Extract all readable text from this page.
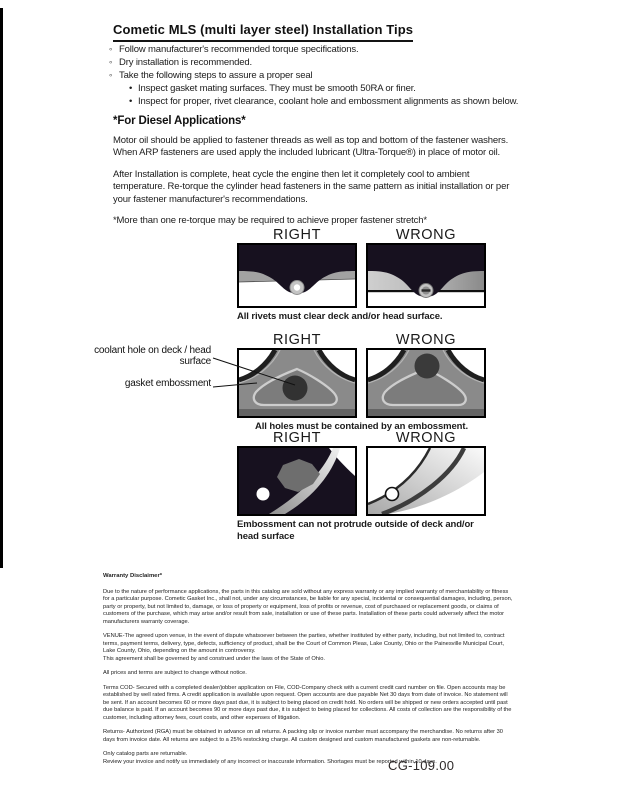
Cometic MLS (multi layer steel) Installation Tips
◦ Follow manufacturer's recommended torque specifications.
◦ Dry installation is recommended.
◦ Take the following steps to assure a proper seal
• Inspect gasket mating surfaces. They must be smooth 50RA or finer.
• Inspect for proper, rivet clearance, coolant hole and embossment alignments as shown below.
*For Diesel Applications*

Motor oil should be applied to fastener threads as well as top and bottom of the fastener washers. When ARP fasteners are used apply the included lubricant (Ultra-Torque®) in place of motor oil.

After Installation is complete, heat cycle the engine then let it completely cool to ambient temperature. Re-torque the cylinder head fasteners in the same pattern as initial installation or per your fastener manufacturer's recommendations.

*More than one re-torque may be required to achieve proper fastener stretch*

RIGHT	WRONG
All rivets must clear deck and/or head surface.
coolant hole on deck / head surface
gasket embossment
RIGHT	WRONG
All holes must be contained by an embossment.
RIGHT	WRONG
Embossment can not protrude outside of deck and/or head surface
Warranty Disclaimer*

Due to the nature of performance applications, the parts in this catalog are sold without any express warranty or any implied warranty of merchantability or fitness for a particular purpose. Cometic Gasket Inc., shall not, under any circumstances, be liable for any special, incidental or consequential damages, including, person, party or property, but not limited to, damage, or loss of property or equipment, loss of profits or revenue, cost of purchased or replacement goods, or claims of customers of the purchase, which may arise and/or result from sale, installation or use of these parts. Installation of these parts could adversely affect the motor manufacturers warranty coverage.

VENUE-The agreed upon venue, in the event of dispute whatsoever between the parties, whether instituted by either party, including, but not limited to, contract terms, payment terms, delivery, type, defects, sufficiency of product, shall be the Court of Common Pleas, Lake County, Ohio or the Painesville Municipal Court, Lake County, Ohio, depending on the amount in controversy.

This agreement shall be governed by and construed under the laws of the State of Ohio.

All prices and terms are subject to change without notice.

Terms COD- Secured with a completed dealer/jobber application on File, COD-Company check with a current credit card number on file. Open accounts may be established by well rated firms. A credit application is available upon request. Open accounts are due payable Net 30 days from date of invoice. No statement will be sent. If an account becomes 60 or more days past due, it is subject to being placed on credit hold. No orders will be shipped or new orders accepted until past due balance is paid. If an account becomes 90 or more days past due, it is subject to being placed for collections. All costs of collection are the responsibility of the customer, including attorney fees, court costs, and other expenses of litigation.

Returns- Authorized (RGA) must be obtained in advance on all returns. A packing slip or invoice number must accompany the merchandise. No returns after 30 days from invoice date. All returns are subject to a 25% restocking charge. All custom designed and custom manufactured gaskets are non-returnable.

Only catalog parts are returnable.

Review your invoice and notify us immediately of any incorrect or inaccurate information. Shortages must be reported within 10 days.

CG-109.00
